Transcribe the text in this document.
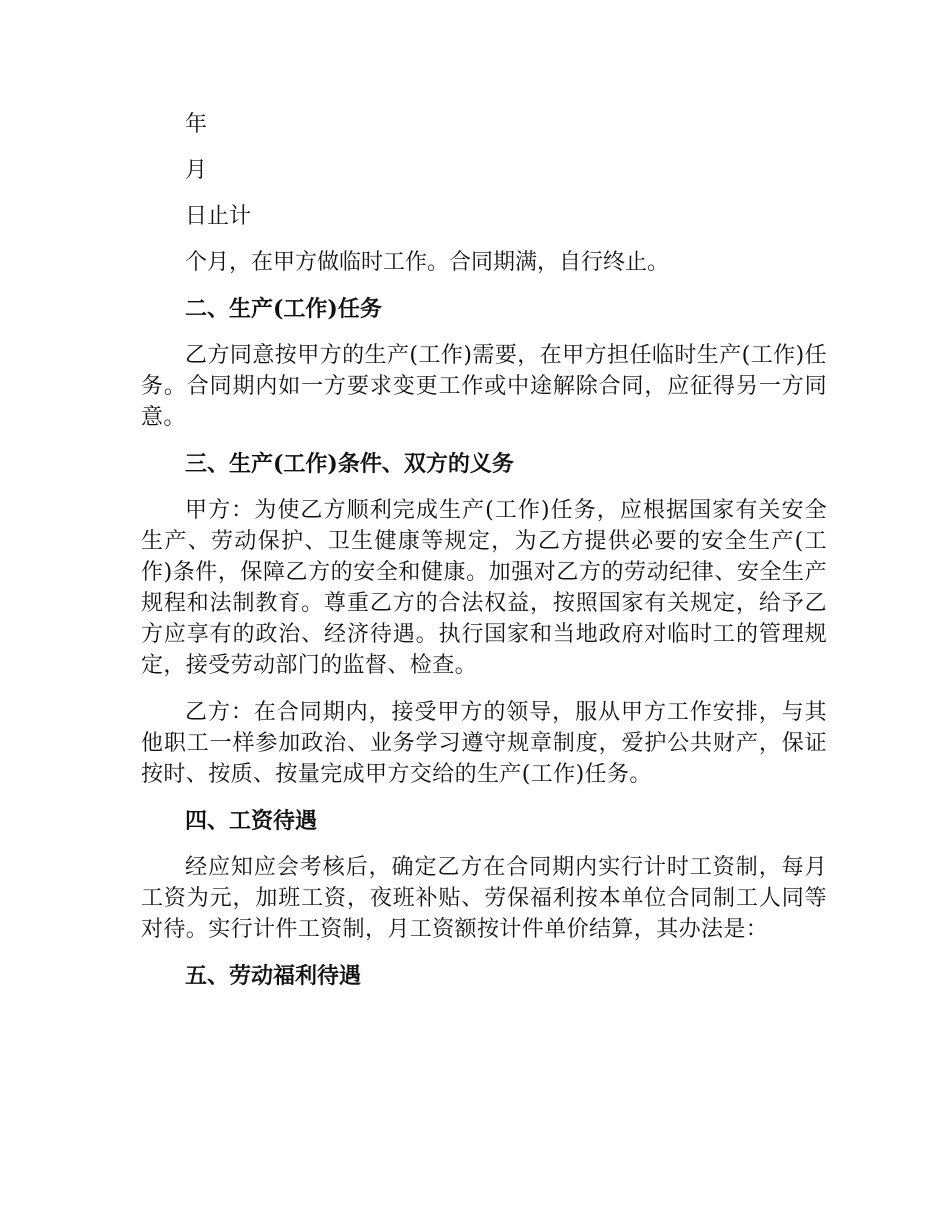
年

月

日止计

个月，在甲方做临时工作。合同期满，自行终止。

二、生产(工作)任务

乙方同意按甲方的生产(工作)需要，在甲方担任临时生产(工作)任务。合同期内如一方要求变更工作或中途解除合同，应征得另一方同意。

三、生产(工作)条件、双方的义务

甲方：为使乙方顺利完成生产(工作)任务，应根据国家有关安全生产、劳动保护、卫生健康等规定，为乙方提供必要的安全生产(工作)条件，保障乙方的安全和健康。加强对乙方的劳动纪律、安全生产规程和法制教育。尊重乙方的合法权益，按照国家有关规定，给予乙方应享有的政治、经济待遇。执行国家和当地政府对临时工的管理规定，接受劳动部门的监督、检查。

乙方：在合同期内，接受甲方的领导，服从甲方工作安排，与其他职工一样参加政治、业务学习遵守规章制度，爱护公共财产，保证按时、按质、按量完成甲方交给的生产(工作)任务。

四、工资待遇

经应知应会考核后，确定乙方在合同期内实行计时工资制，每月工资为元，加班工资，夜班补贴、劳保福利按本单位合同制工人同等对待。实行计件工资制，月工资额按计件单价结算，其办法是：

五、劳动福利待遇
